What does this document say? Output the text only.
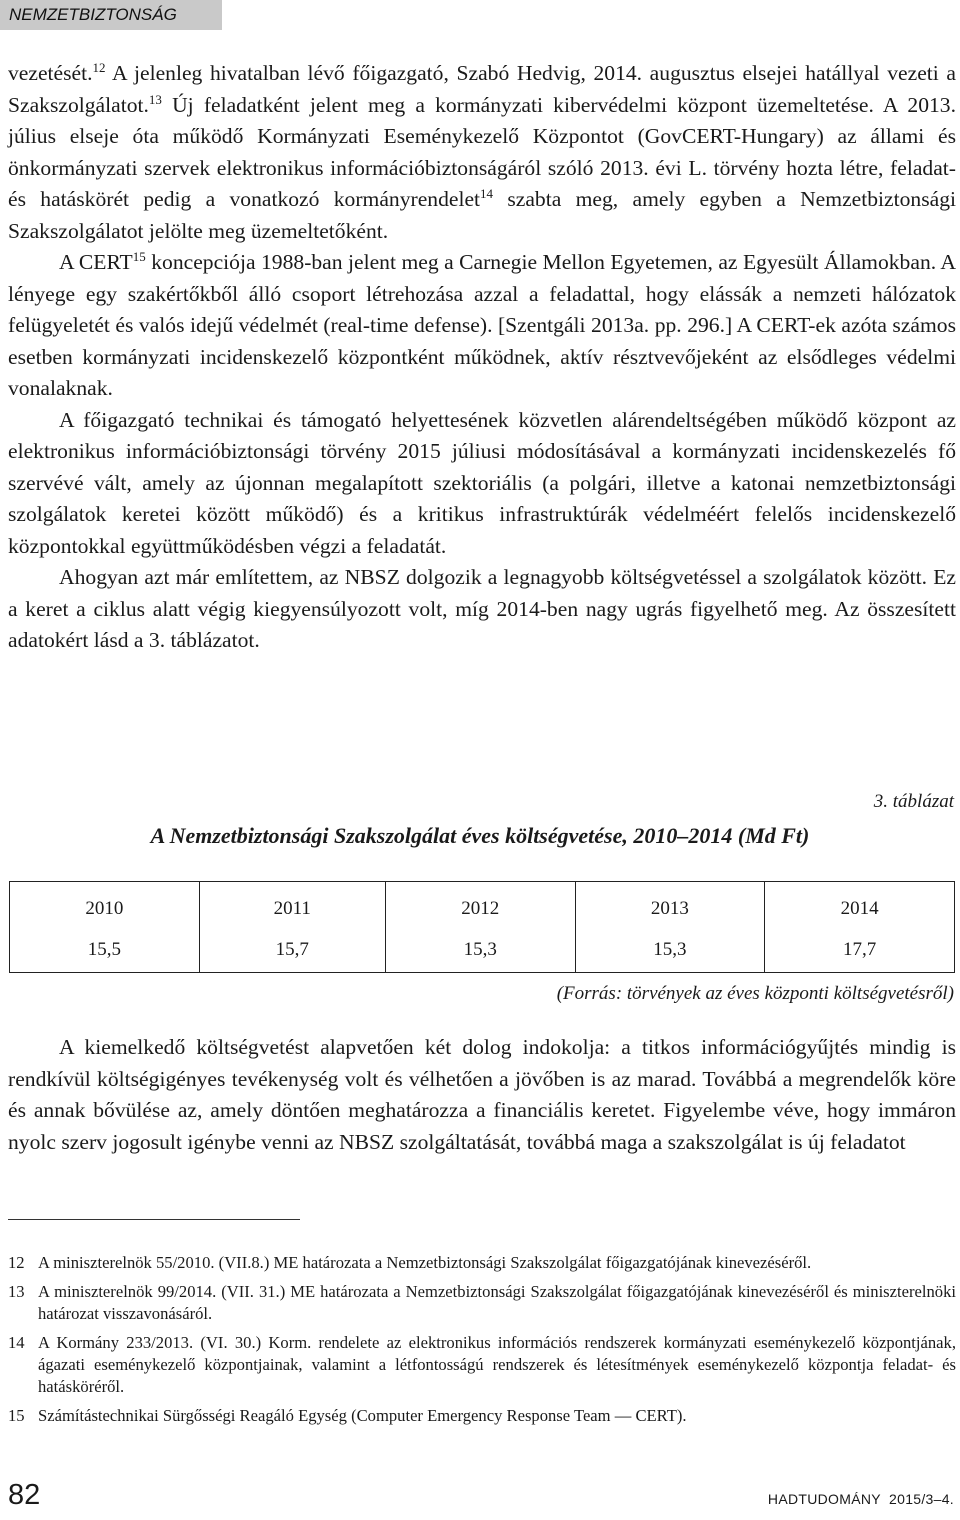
NEMZETBIZTONSÁG

vezetését.$^{12}$ A jelenleg hivatalban lévő főigazgató, Szabó Hedvig, 2014. augusztus elsejei hatállyal vezeti a Szakszolgálatot.$^{13}$ Új feladatként jelent meg a kormányzati kibervédelmi központ üzemeltetése. A 2013. július elseje óta működő Kormányzati Eseménykezelő Központot (GovCERT-Hungary) az állami és önkormányzati szervek elektronikus információbiztonságáról szóló 2013. évi L. törvény hozta létre, feladat- és hatáskörét pedig a vonatkozó kormányrendelet$^{14}$ szabta meg, amely egyben a Nemzetbiztonsági Szakszolgálatot jelölte meg üzemeltetőként.

A CERT$^{15}$ koncepciója 1988-ban jelent meg a Carnegie Mellon Egyetemen, az Egyesült Államokban. A lényege egy szakértőkből álló csoport létrehozása azzal a feladattal, hogy elássák a nemzeti hálózatok felügyeletét és valós idejű védelmét (real-time defense). [Szentgáli 2013a. pp. 296.] A CERT-ek azóta számos esetben kormányzati incidenskezelő központként működnek, aktív résztvevőjeként az elsődleges védelmi vonalaknak.

A főigazgató technikai és támogató helyettesének közvetlen alárendeltségében működő központ az elektronikus információbiztonsági törvény 2015 júliusi módosításával a kormányzati incidenskezelés fő szervévé vált, amely az újonnan megalapított szektoriális (a polgári, illetve a katonai nemzetbiztonsági szolgálatok keretei között működő) és a kritikus infrastruktúrák védelméért felelős incidenskezelő központokkal együttműködésben végzi a feladatát.

Ahogyan azt már említettem, az NBSZ dolgozik a legnagyobb költségvetéssel a szolgálatok között. Ez a keret a ciklus alatt végig kiegyensúlyozott volt, míg 2014-ben nagy ugrás figyelhető meg. Az összesített adatokért lásd a 3. táblázatot.

3. táblázat
A Nemzetbiztonsági Szakszolgálat éves költségvetése, 2010–2014 (Md Ft)
2010	2011	2012	2013	2014
15,5	15,7	15,3	15,3	17,7
(Forrás: törvények az éves központi költségvetésről)

A kiemelkedő költségvetést alapvetően két dolog indokolja: a titkos információgyűjtés mindig is rendkívül költségigényes tevékenység volt és vélhetően a jövőben is az marad. Továbbá a megrendelők köre és annak bővülése az, amely döntően meghatározza a financiális keretet. Figyelembe véve, hogy immáron nyolc szerv jogosult igénybe venni az NBSZ szolgáltatását, továbbá maga a szakszolgálat is új feladatot

12 A miniszterelnök 55/2010. (VII.8.) ME határozata a Nemzetbiztonsági Szakszolgálat főigazgatójának kinevezéséről.
13 A miniszterelnök 99/2014. (VII. 31.) ME határozata a Nemzetbiztonsági Szakszolgálat főigazgatójának kinevezéséről és miniszterelnöki határozat visszavonásáról.
14 A Kormány 233/2013. (VI. 30.) Korm. rendelete az elektronikus információs rendszerek kormányzati eseménykezelő központjának, ágazati eseménykezelő központjainak, valamint a létfontosságú rendszerek és létesítmények eseménykezelő központja feladat- és hatásköréről.
15 Számítástechnikai Sürgősségi Reagáló Egység (Computer Emergency Response Team — CERT).
82	HADTUDOMÁNY  2015/3–4.
